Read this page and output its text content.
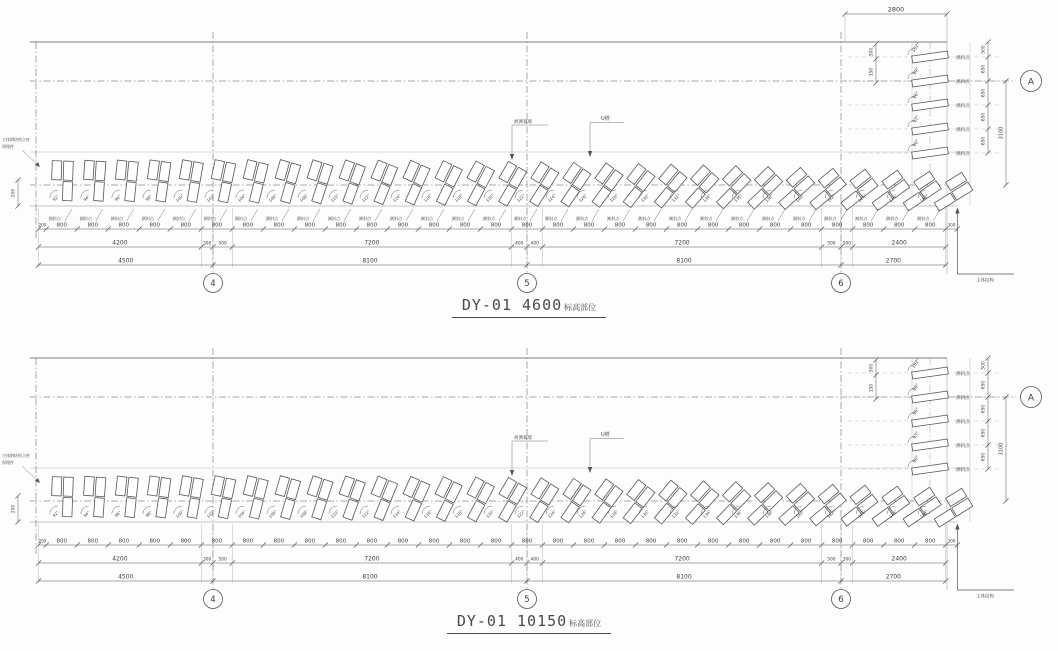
4	5	6
A
2800
102°
测斜点
99°
测斜点
96°
测斜点
93°
测斜点
90°
测斜点
500
150
500
650
650
650
650
3100
92°
测斜点
94°
测斜点
96°
测斜点
98°
测斜点
100°
测斜点
102°
测斜点
104°
测斜点
106°
测斜点
108°
测斜点
110°
测斜点
112°
测斜点
114°
测斜点
116°
测斜点
118°
测斜点
120°
测斜点
122°
测斜点
124°
测斜点
126°
测斜点
128°
测斜点
130°
测斜点
132°
测斜点
134°
测斜点
136°
测斜点
138°
测斜点
140°
测斜点
142°
测斜点
144°
测斜点
146°
测斜点
148°
测斜点
200 800	800	800	800	800	800	800	800	800	800	800	800	800	800	800	800	800	800	800	800	800	800	800	800	800	800	800	800	800	300
4200	300 500	7200	400 400	7200	500 300	2400
4500	8100	8100	2700
主体结构
被测幕墙
U槽
主体钢结构立柱
预埋件
200
DY-01 4600 标高部位
4	5	6
A
102°
测斜点
99°
测斜点
96°
测斜点
93°
测斜点
90°
测斜点
500
150
500
650
650
650
650
3100
92°	94°	96°	98°	100°	102°	104°	106°	108°	110°	112°	114°	116°	118°	120°	122°	124°	126°	128°	130°	132°	134°	136°	138°	140°	142°	144°	146°	148°
200 800	800	800	800	800	800	800	800	800	800	800	800	800	800	800	800	800	800	800	800	800	800	800	800	800	800	800	800	800	300
4200	300 500	7200	400 400	7200	500 300	2400
4500	8100	8100	2700
主体结构
被测幕墙
U槽
主体钢结构立柱
预埋件
200
DY-01 10150 标高部位
